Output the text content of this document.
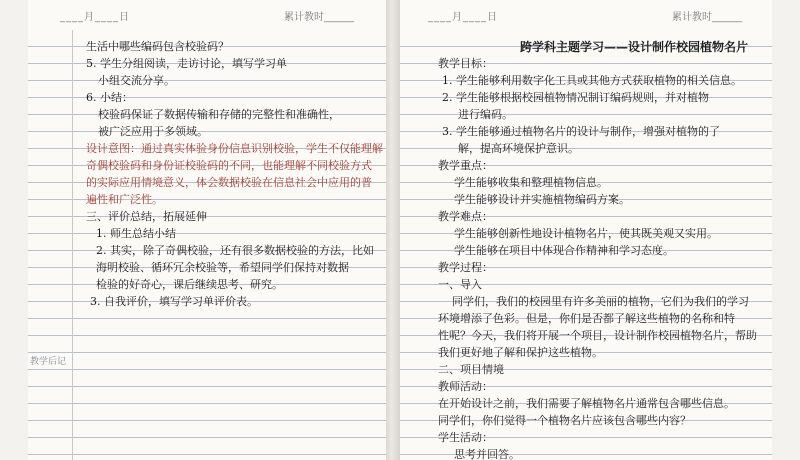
____月____日	累计教时______
教学后记
生活中哪些编码包含校验码？
5. 学生分组阅读，走访讨论，填写学习单
小组交流分享。
6. 小结：
校验码保证了数据传输和存储的完整性和准确性，
被广泛应用于多领域。
设计意图：通过真实体验身份信息识别校验，学生不仅能理解
奇偶校验码和身份证校验码的不同，也能理解不同校验方式
的实际应用情境意义，体会数据校验在信息社会中应用的普
遍性和广泛性。
三、评价总结，拓展延伸
1. 师生总结小结
2. 其实，除了奇偶校验，还有很多数据校验的方法，比如
海明校验、循环冗余校验等，希望同学们保持对数据
检验的好奇心，课后继续思考、研究。
3. 自我评价，填写学习单评价表。
____月____日	累计教时______
跨学科主题学习——设计制作校园植物名片
教学目标：
1. 学生能够利用数字化工具或其他方式获取植物的相关信息。
2. 学生能够根据校园植物情况制订编码规则，并对植物
进行编码。
3. 学生能够通过植物名片的设计与制作，增强对植物的了
解，提高环境保护意识。
教学重点：
学生能够收集和整理植物信息。
学生能够设计并实施植物编码方案。
教学难点：
学生能够创新性地设计植物名片，使其既美观又实用。
学生能够在项目中体现合作精神和学习态度。
教学过程：
一、导入
同学们，我们的校园里有许多美丽的植物，它们为我们的学习
环境增添了色彩。但是，你们是否都了解这些植物的名称和特
性呢？今天，我们将开展一个项目，设计制作校园植物名片，帮助
我们更好地了解和保护这些植物。
二、项目情境
教师活动：
在开始设计之前，我们需要了解植物名片通常包含哪些信息。
同学们，你们觉得一个植物名片应该包含哪些内容？
学生活动：
思考并回答。
